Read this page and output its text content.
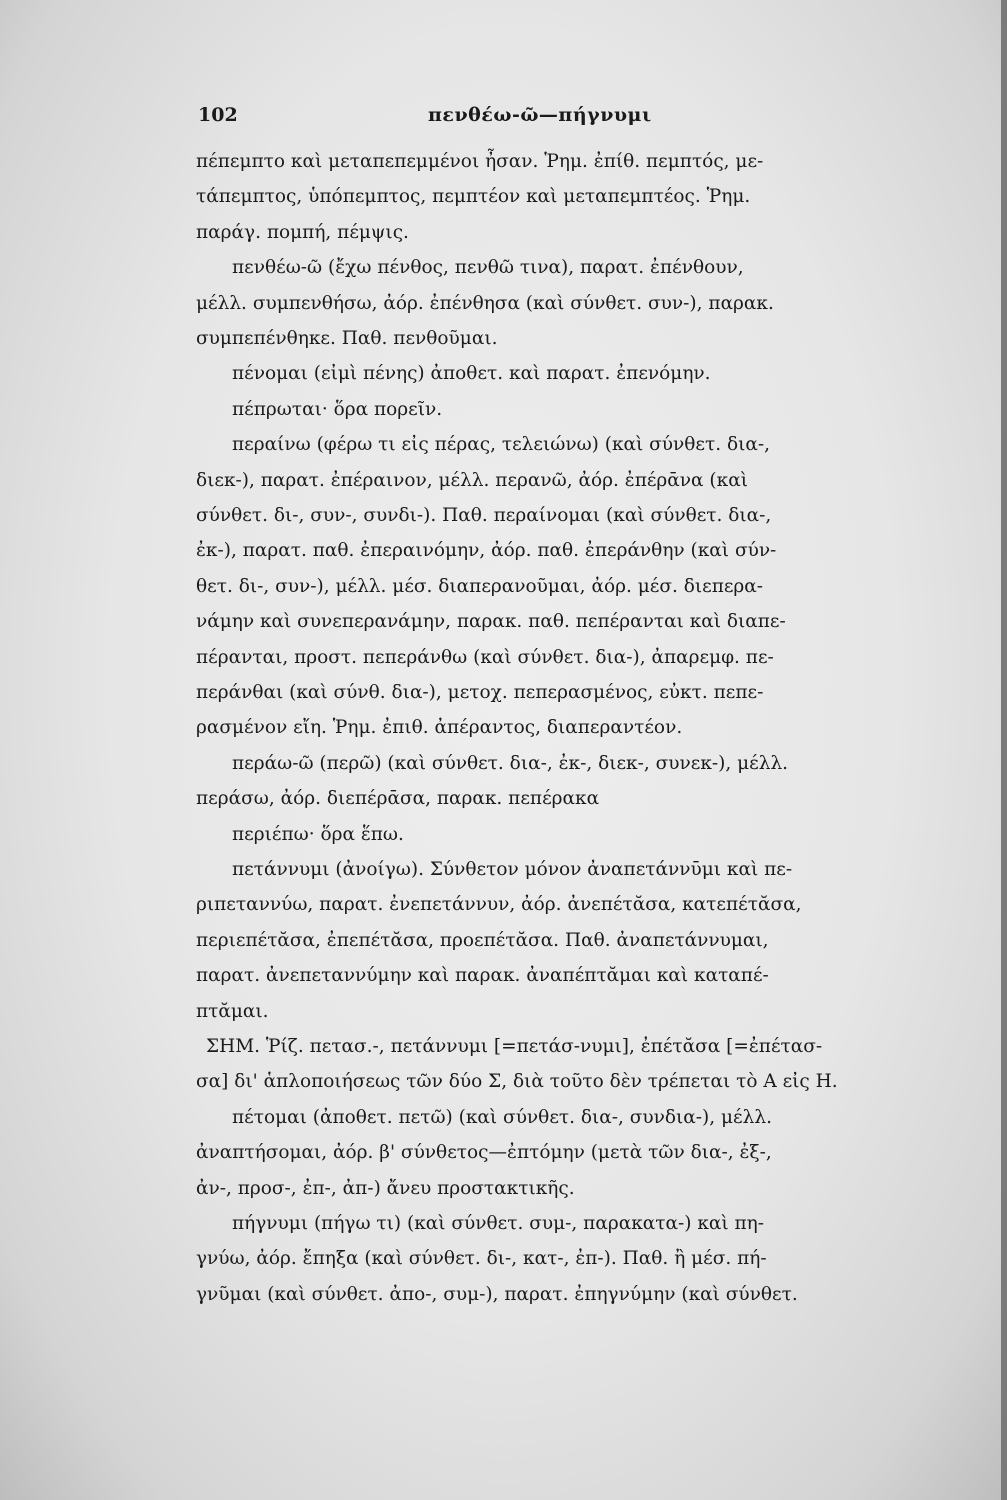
102	πενθέω-ῶ—πήγνυμι
πέπεμπτο καὶ μεταπεπεμμένοι ἦσαν. Ῥημ. ἐπίθ. πεμπτός, με-
τάπεμπτος, ὑπόπεμπτος, πεμπτέον καὶ μεταπεμπτέος. Ῥημ.
παράγ. πομπή, πέμψις.
πενθέω-ῶ (ἔχω πένθος, πενθῶ τινα), παρατ. ἐπένθουν,
μέλλ. συμπενθήσω, ἀόρ. ἐπένθησα (καὶ σύνθετ. συν-), παρακ.
συμπεπένθηκε. Παθ. πενθοῦμαι.
πένομαι (εἰμὶ πένης) ἀποθετ. καὶ παρατ. ἐπενόμην.
πέπρωται· ὅρα πορεῖν.
περαίνω (φέρω τι εἰς πέρας, τελειώνω) (καὶ σύνθετ. δια-,
διεκ-), παρατ. ἐπέραινον, μέλλ. περανῶ, ἀόρ. ἐπέρᾱνα (καὶ
σύνθετ. δι-, συν-, συνδι-). Παθ. περαίνομαι (καὶ σύνθετ. δια-,
ἐκ-), παρατ. παθ. ἐπεραινόμην, ἀόρ. παθ. ἐπεράνθην (καὶ σύν-
θετ. δι-, συν-), μέλλ. μέσ. διαπερανοῦμαι, ἀόρ. μέσ. διεπερα-
νάμην καὶ συνεπερανάμην, παρακ. παθ. πεπέρανται καὶ διαπε-
πέρανται, προστ. πεπεράνθω (καὶ σύνθετ. δια-), ἀπαρεμφ. πε-
περάνθαι (καὶ σύνθ. δια-), μετοχ. πεπερασμένος, εὐκτ. πεπε-
ρασμένον εἴη. Ῥημ. ἐπιθ. ἀπέραντος, διαπεραντέον.
περάω-ῶ (περῶ) (καὶ σύνθετ. δια-, ἐκ-, διεκ-, συνεκ-), μέλλ.
περάσω, ἀόρ. διεπέρᾱσα, παρακ. πεπέρακα
περιέπω· ὅρα ἕπω.
πετάννυμι (ἀνοίγω). Σύνθετον μόνον ἀναπετάννῡμι καὶ πε-
ριπεταννύω, παρατ. ἐνεπετάννυν, ἀόρ. ἀνεπέτᾰσα, κατεπέτᾰσα,
περιεπέτᾰσα, ἐπεπέτᾰσα, προεπέτᾰσα. Παθ. ἀναπετάννυμαι,
παρατ. ἀνεπεταννύμην καὶ παρακ. ἀναπέπτᾰμαι καὶ καταπέ-
πτᾰμαι.
ΣΗΜ. Ῥίζ. πετασ.-, πετάννυμι [=πετάσ-νυμι], ἐπέτᾰσα [=ἐπέτασ-
σα] δι' ἁπλοποιήσεως τῶν δύο Σ, διὰ τοῦτο δὲν τρέπεται τὸ Α εἰς Η.
πέτομαι (ἀποθετ. πετῶ) (καὶ σύνθετ. δια-, συνδια-), μέλλ.
ἀναπτήσομαι, ἀόρ. β' σύνθετος—ἐπτόμην (μετὰ τῶν δια-, ἐξ-,
ἀν-, προσ-, ἐπ-, ἀπ-) ἄνευ προστακτικῆς.
πήγνυμι (πήγω τι) (καὶ σύνθετ. συμ-, παρακατα-) καὶ πη-
γνύω, ἀόρ. ἔπηξα (καὶ σύνθετ. δι-, κατ-, ἐπ-). Παθ. ἢ μέσ. πή-
γνῦμαι (καὶ σύνθετ. ἀπο-, συμ-), παρατ. ἐπηγνύμην (καὶ σύνθετ.
